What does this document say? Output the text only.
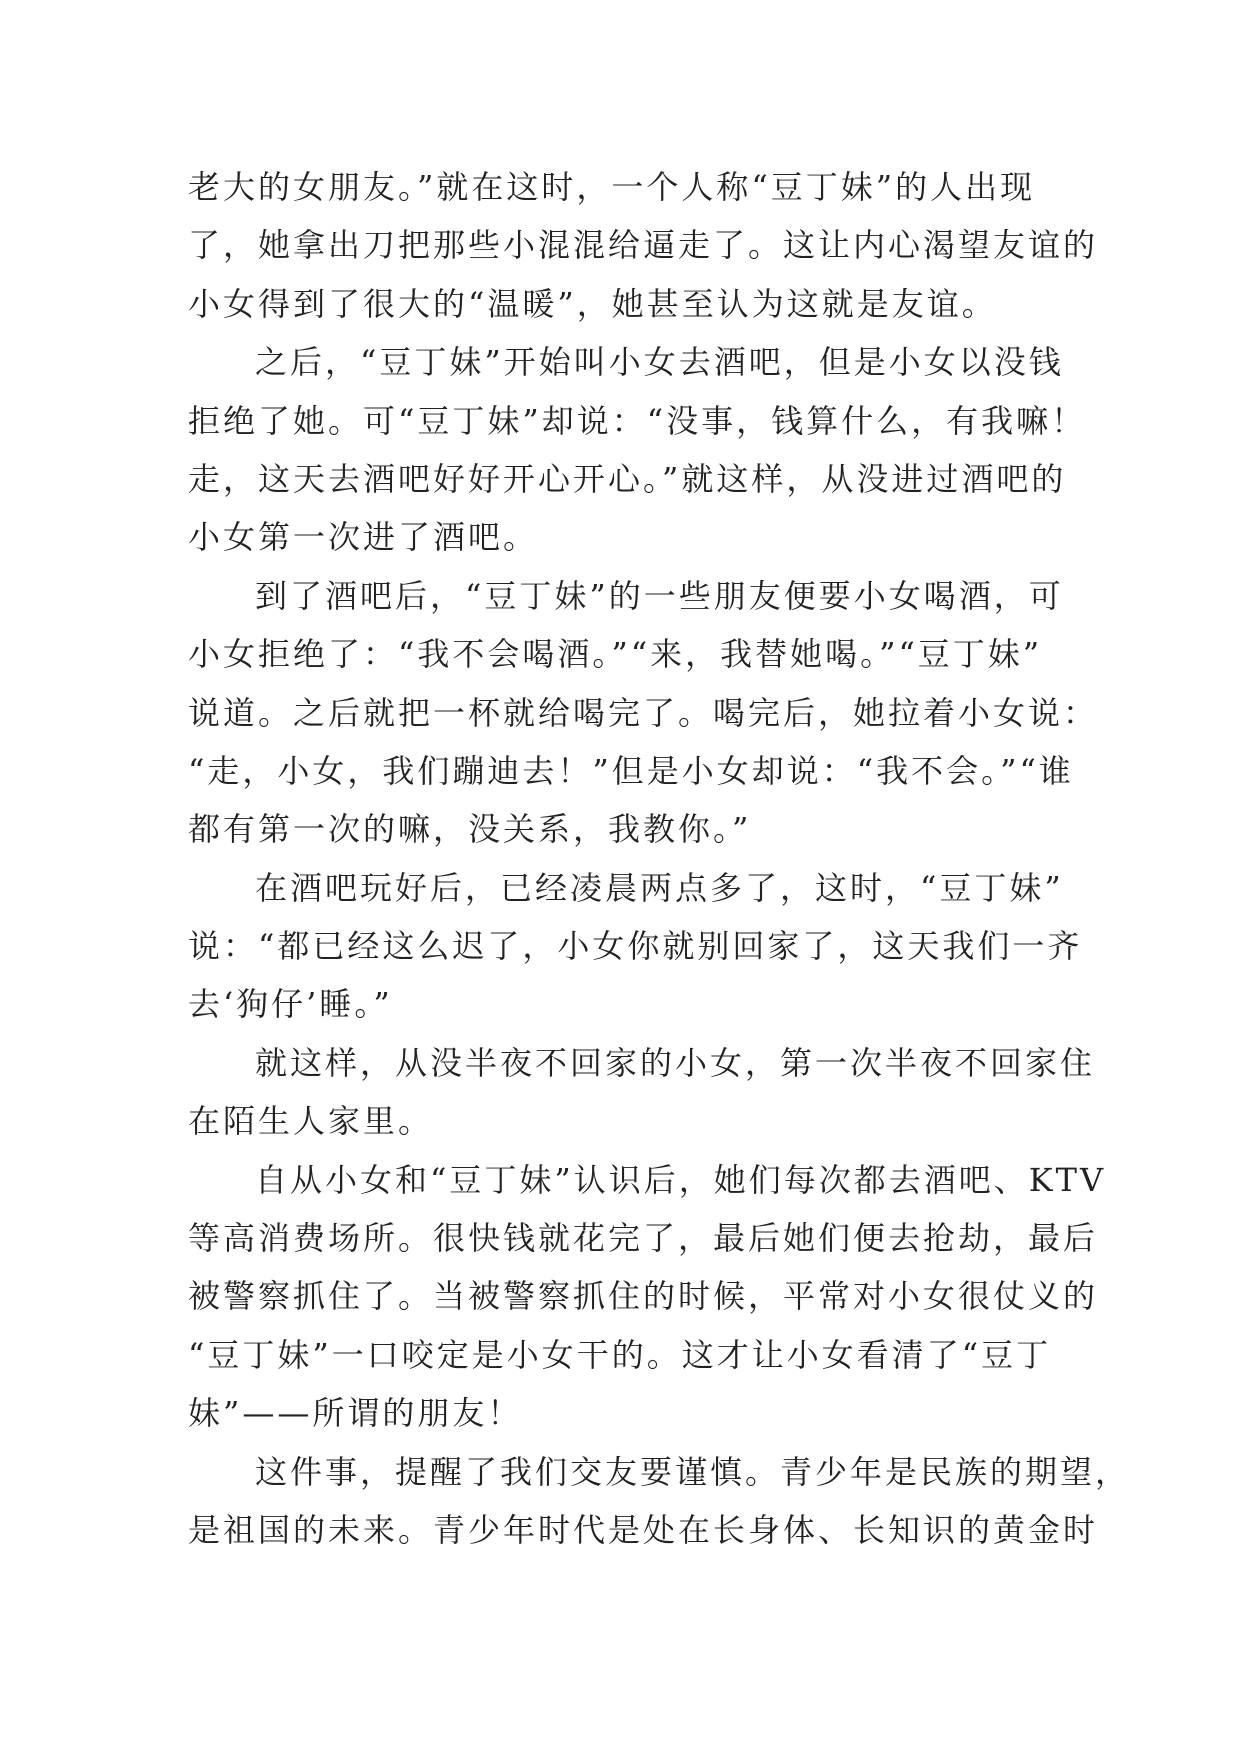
老大的女朋友。”就在这时，一个人称“豆丁妹”的人出现
了，她拿出刀把那些小混混给逼走了。这让内心渴望友谊的
小女得到了很大的“温暖”，她甚至认为这就是友谊。
之后，“豆丁妹”开始叫小女去酒吧，但是小女以没钱
拒绝了她。可“豆丁妹”却说：“没事，钱算什么，有我嘛！
走，这天去酒吧好好开心开心。”就这样，从没进过酒吧的
小女第一次进了酒吧。
到了酒吧后，“豆丁妹”的一些朋友便要小女喝酒，可
小女拒绝了：“我不会喝酒。”“来，我替她喝。”“豆丁妹”
说道。之后就把一杯就给喝完了。喝完后，她拉着小女说：
“走，小女，我们蹦迪去！”但是小女却说：“我不会。”“谁
都有第一次的嘛，没关系，我教你。”
在酒吧玩好后，已经凌晨两点多了，这时，“豆丁妹”
说：“都已经这么迟了，小女你就别回家了，这天我们一齐
去‘狗仔’睡。”
就这样，从没半夜不回家的小女，第一次半夜不回家住
在陌生人家里。
自从小女和“豆丁妹”认识后，她们每次都去酒吧、KTV
等高消费场所。很快钱就花完了，最后她们便去抢劫，最后
被警察抓住了。当被警察抓住的时候，平常对小女很仗义的
“豆丁妹”一口咬定是小女干的。这才让小女看清了“豆丁
妹”——所谓的朋友！
这件事，提醒了我们交友要谨慎。青少年是民族的期望，
是祖国的未来。青少年时代是处在长身体、长知识的黄金时
